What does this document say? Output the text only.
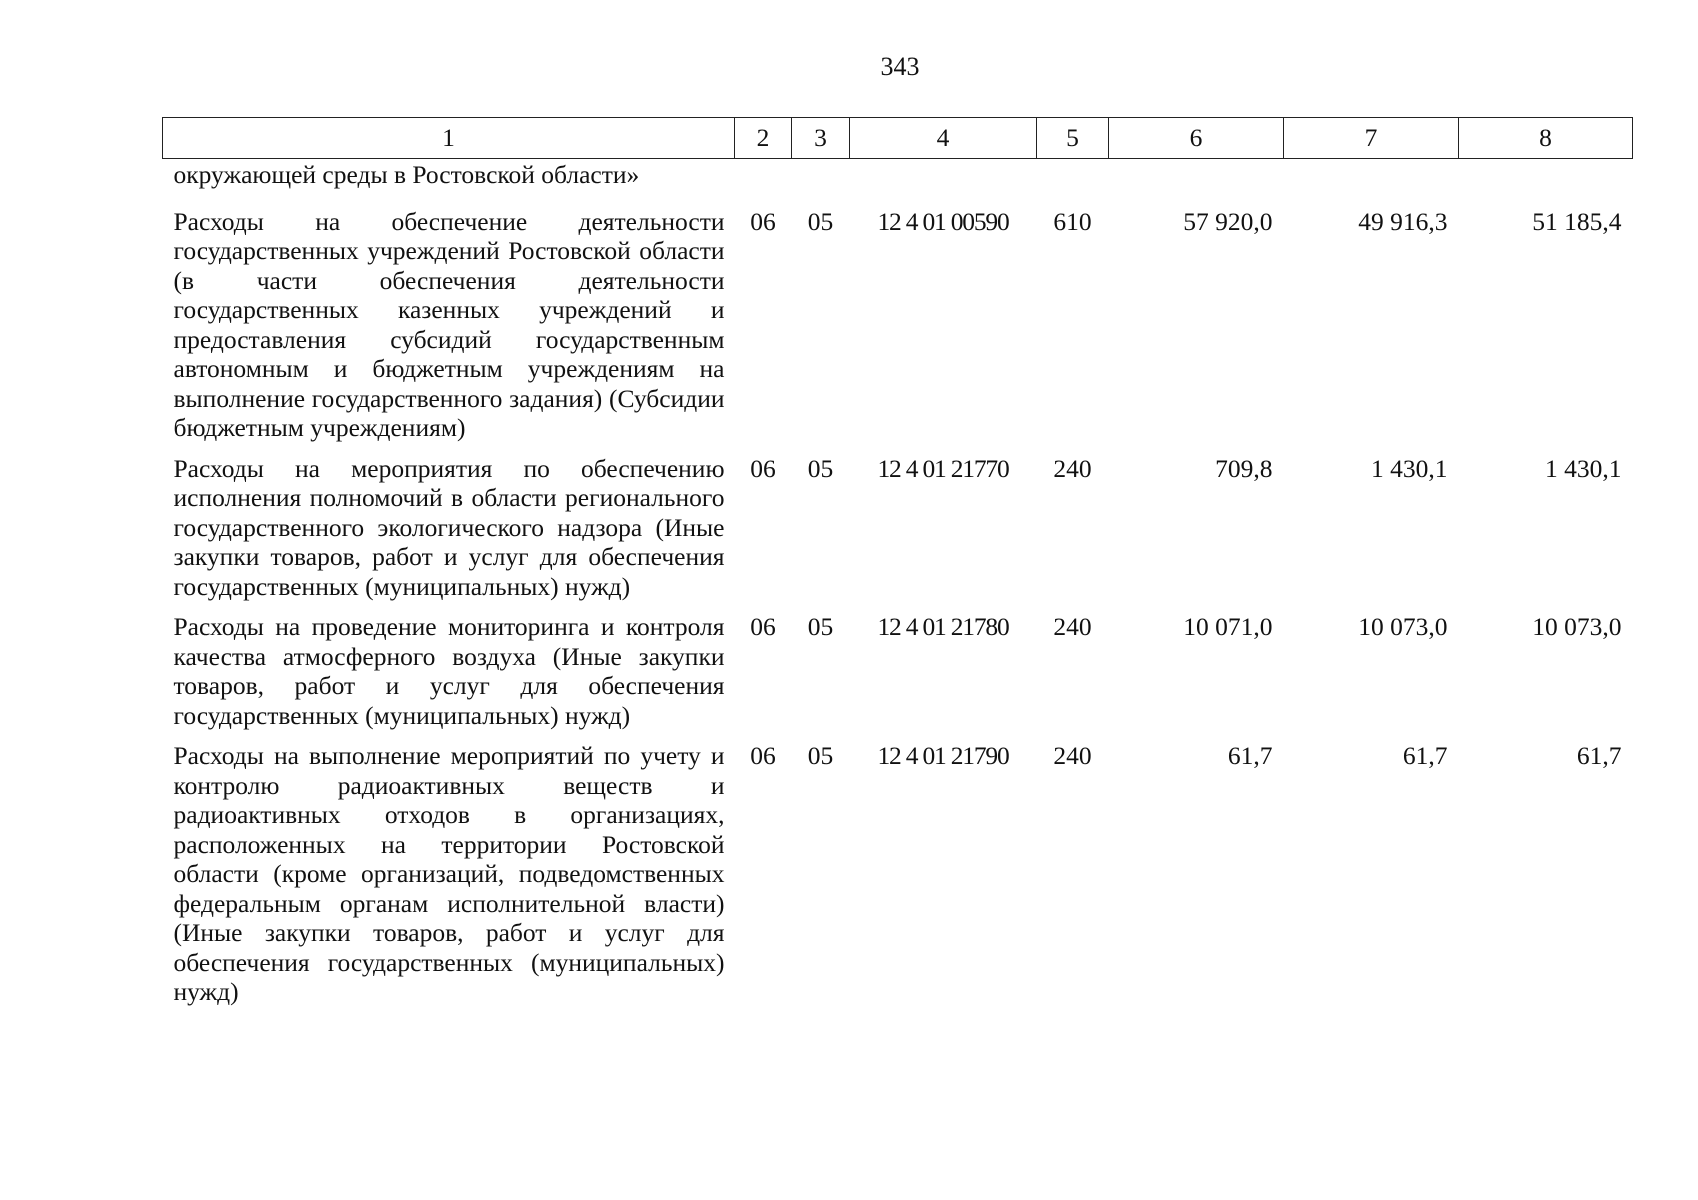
343
1	2	3	4	5	6	7	8
окружающей среды в Ростовской области»							
Расходы на обеспечение деятельности государственных учреждений Ростовской области (в части обеспечения деятельности государственных казенных учреждений и предоставления субсидий государственным автономным и бюджетным учреждениям на выполнение государственного задания) (Субсидии бюджетным учреждениям)	06	05	12 4 01 00590	610	57 920,0	49 916,3	51 185,4
Расходы на мероприятия по обеспечению исполнения полномочий в области регионального государственного экологического надзора (Иные закупки товаров, работ и услуг для обеспечения государственных (муниципальных) нужд)	06	05	12 4 01 21770	240	709,8	1 430,1	1 430,1
Расходы на проведение мониторинга и контроля качества атмосферного воздуха (Иные закупки товаров, работ и услуг для обеспечения государственных (муниципальных) нужд)	06	05	12 4 01 21780	240	10 071,0	10 073,0	10 073,0
Расходы на выполнение мероприятий по учету и контролю радиоактивных веществ и радиоактивных отходов в организациях, расположенных на территории Ростовской области (кроме организаций, подведомственных федеральным органам исполнительной власти) (Иные закупки товаров, работ и услуг для обеспечения государственных (муниципальных) нужд)	06	05	12 4 01 21790	240	61,7	61,7	61,7
